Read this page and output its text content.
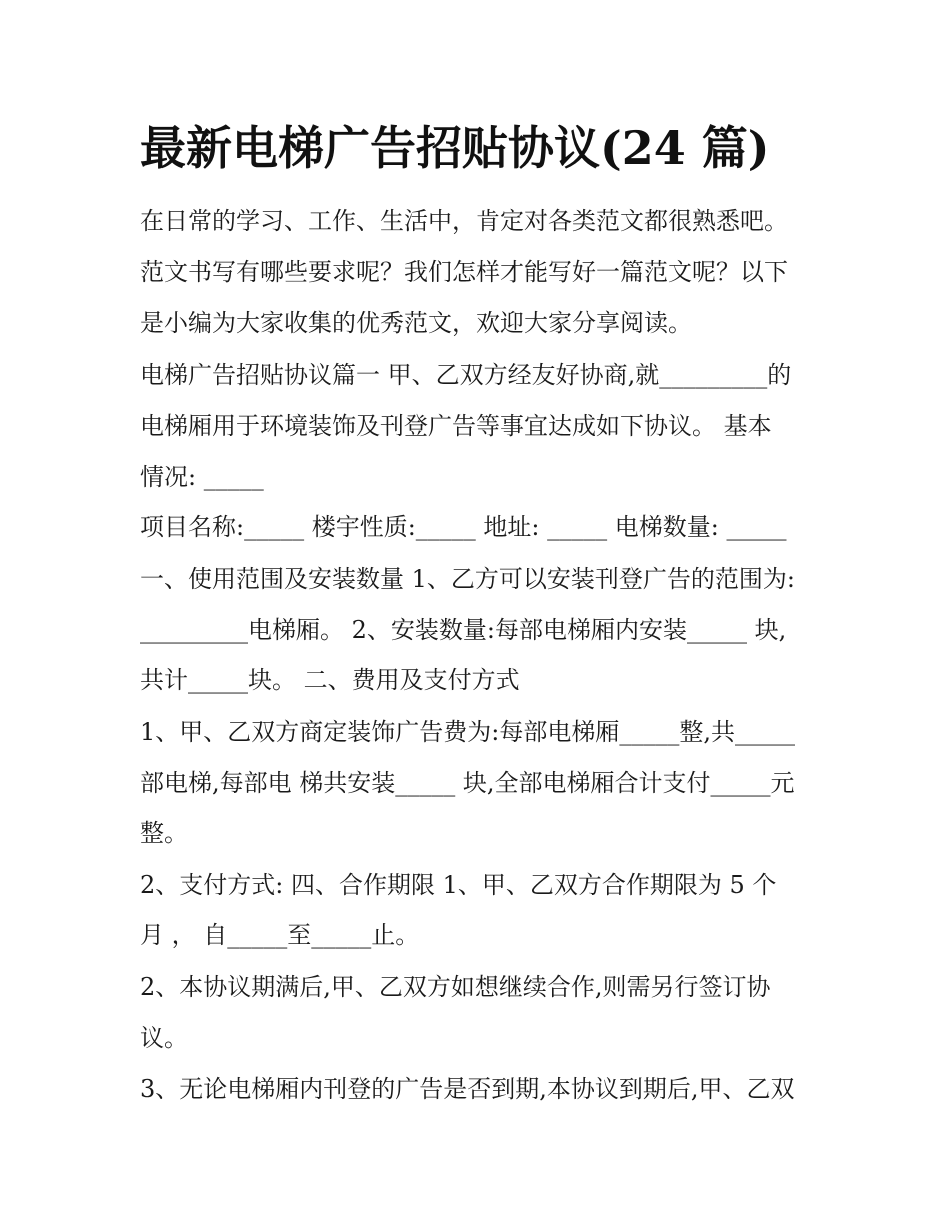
最新电梯广告招贴协议(24 篇)

在日常的学习、工作、生活中，肯定对各类范文都很熟悉吧。

范文书写有哪些要求呢？我们怎样才能写好一篇范文呢？以下

是小编为大家收集的优秀范文，欢迎大家分享阅读。

电梯广告招贴协议篇一 甲、乙双方经友好协商,就_________的

电梯厢用于环境装饰及刊登广告等事宜达成如下协议。 基本

情况: _____

项目名称:_____ 楼宇性质:_____ 地址: _____ 电梯数量: _____

一、使用范围及安装数量 1、乙方可以安装刊登广告的范围为:

_________电梯厢。 2、安装数量:每部电梯厢内安装_____ 块,

共计_____块。 二、费用及支付方式

1、甲、乙双方商定装饰广告费为:每部电梯厢_____整,共_____

部电梯,每部电 梯共安装_____ 块,全部电梯厢合计支付_____元

整。

2、支付方式: 四、合作期限 1、甲、乙双方合作期限为 5 个

月 ， 自_____至_____止。

2、本协议期满后,甲、乙双方如想继续合作,则需另行签订协

议。

3、无论电梯厢内刊登的广告是否到期,本协议到期后,甲、乙双
